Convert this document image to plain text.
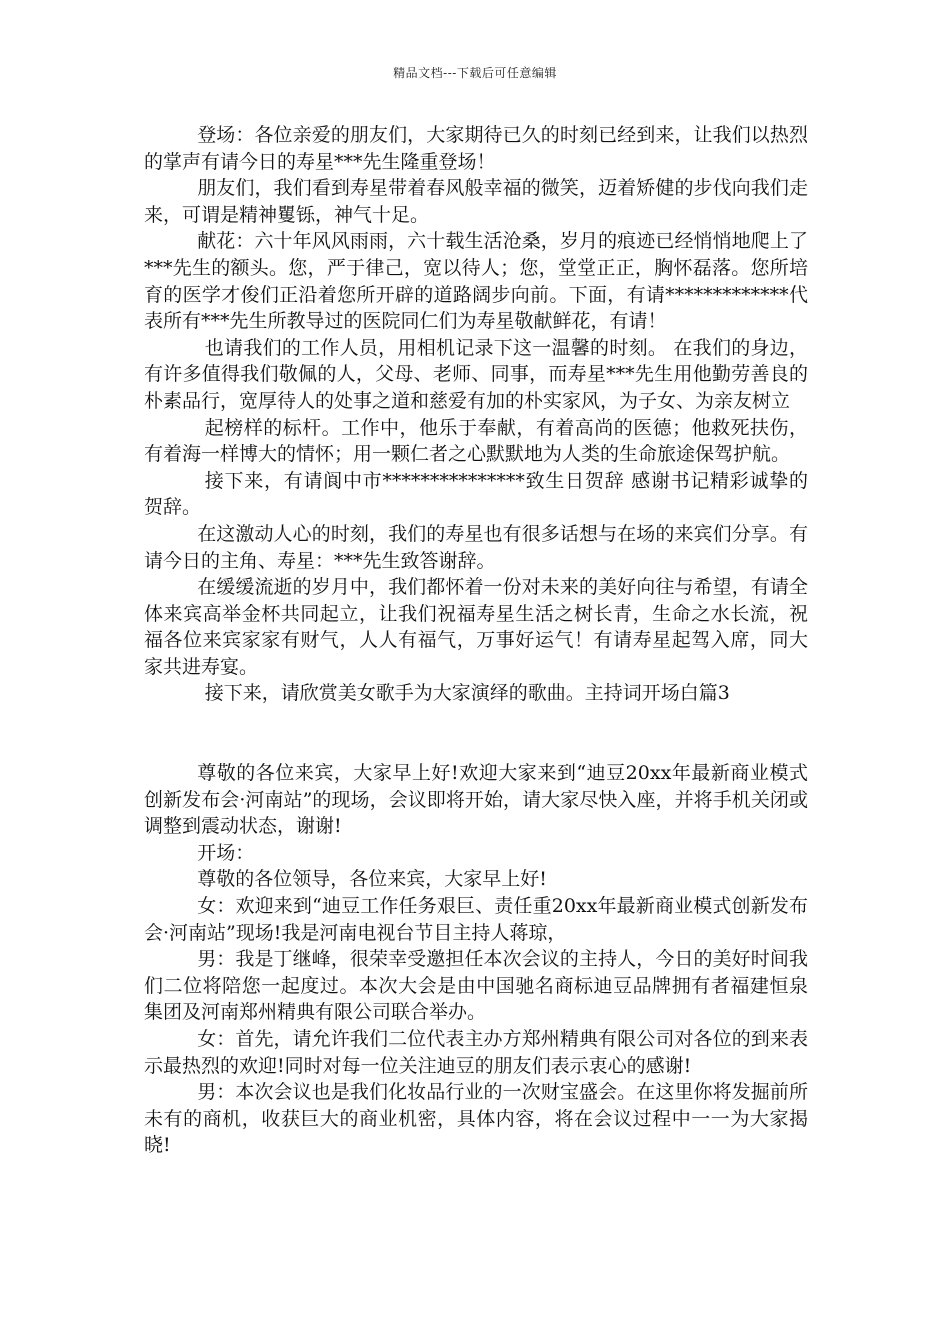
精品文档---下载后可任意编辑

登场：各位亲爱的朋友们，大家期待已久的时刻已经到来，让我们以热烈的掌声有请今日的寿星***先生隆重登场！

朋友们，我们看到寿星带着春风般幸福的微笑，迈着矫健的步伐向我们走来，可谓是精神矍铄，神气十足。

献花：六十年风风雨雨，六十载生活沧桑，岁月的痕迹已经悄悄地爬上了***先生的额头。您，严于律己，宽以待人；您，堂堂正正，胸怀磊落。您所培育的医学才俊们正沿着您所开辟的道路阔步向前。下面，有请*************代表所有***先生所教导过的医院同仁们为寿星敬献鲜花，有请！

也请我们的工作人员，用相机记录下这一温馨的时刻。 在我们的身边，有许多值得我们敬佩的人，父母、老师、同事，而寿星***先生用他勤劳善良的朴素品行，宽厚待人的处事之道和慈爱有加的朴实家风，为子女、为亲友树立

起榜样的标杆。工作中，他乐于奉献，有着高尚的医德；他救死扶伤，有着海一样博大的情怀；用一颗仁者之心默默地为人类的生命旅途保驾护航。

接下来，有请阆中市***************致生日贺辞 感谢书记精彩诚挚的贺辞。

在这激动人心的时刻，我们的寿星也有很多话想与在场的来宾们分享。有请今日的主角、寿星：***先生致答谢辞。

在缓缓流逝的岁月中，我们都怀着一份对未来的美好向往与希望，有请全体来宾高举金杯共同起立，让我们祝福寿星生活之树长青，生命之水长流，祝福各位来宾家家有财气，人人有福气，万事好运气！有请寿星起驾入席，同大家共进寿宴。

接下来，请欣赏美女歌手为大家演绎的歌曲。主持词开场白篇3

尊敬的各位来宾，大家早上好!欢迎大家来到“迪豆20xx年最新商业模式创新发布会·河南站”的现场，会议即将开始，请大家尽快入座，并将手机关闭或调整到震动状态，谢谢!

开场：

尊敬的各位领导，各位来宾，大家早上好!

女：欢迎来到“迪豆工作任务艰巨、责任重20xx年最新商业模式创新发布会·河南站”现场!我是河南电视台节目主持人蒋琼，

男：我是丁继峰，很荣幸受邀担任本次会议的主持人，今日的美好时间我们二位将陪您一起度过。本次大会是由中国驰名商标迪豆品牌拥有者福建恒泉集团及河南郑州精典有限公司联合举办。

女：首先，请允许我们二位代表主办方郑州精典有限公司对各位的到来表示最热烈的欢迎!同时对每一位关注迪豆的朋友们表示衷心的感谢!

男：本次会议也是我们化妆品行业的一次财宝盛会。在这里你将发掘前所未有的商机，收获巨大的商业机密，具体内容，将在会议过程中一一为大家揭晓!
